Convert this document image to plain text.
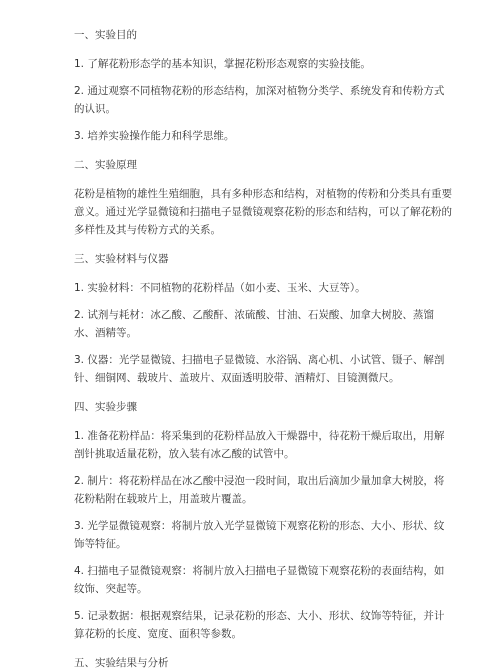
一、实验目的

1. 了解花粉形态学的基本知识，掌握花粉形态观察的实验技能。

2. 通过观察不同植物花粉的形态结构，加深对植物分类学、系统发育和传粉方式的认识。

3. 培养实验操作能力和科学思维。

二、实验原理

花粉是植物的雄性生殖细胞，具有多种形态和结构，对植物的传粉和分类具有重要意义。通过光学显微镜和扫描电子显微镜观察花粉的形态和结构，可以了解花粉的多样性及其与传粉方式的关系。

三、实验材料与仪器

1. 实验材料：不同植物的花粉样品（如小麦、玉米、大豆等）。

2. 试剂与耗材：冰乙酸、乙酸酐、浓硫酸、甘油、石炭酸、加拿大树胶、蒸馏水、酒精等。

3. 仪器：光学显微镜、扫描电子显微镜、水浴锅、离心机、小试管、镊子、解剖针、细铜网、载玻片、盖玻片、双面透明胶带、酒精灯、目镜测微尺。

四、实验步骤

1. 准备花粉样品：将采集到的花粉样品放入干燥器中，待花粉干燥后取出，用解剖针挑取适量花粉，放入装有冰乙酸的试管中。

2. 制片：将花粉样品在冰乙酸中浸泡一段时间，取出后滴加少量加拿大树胶，将花粉粘附在载玻片上，用盖玻片覆盖。

3. 光学显微镜观察：将制片放入光学显微镜下观察花粉的形态、大小、形状、纹饰等特征。

4. 扫描电子显微镜观察：将制片放入扫描电子显微镜下观察花粉的表面结构，如纹饰、突起等。

5. 记录数据：根据观察结果，记录花粉的形态、大小、形状、纹饰等特征，并计算花粉的长度、宽度、面积等参数。

五、实验结果与分析
